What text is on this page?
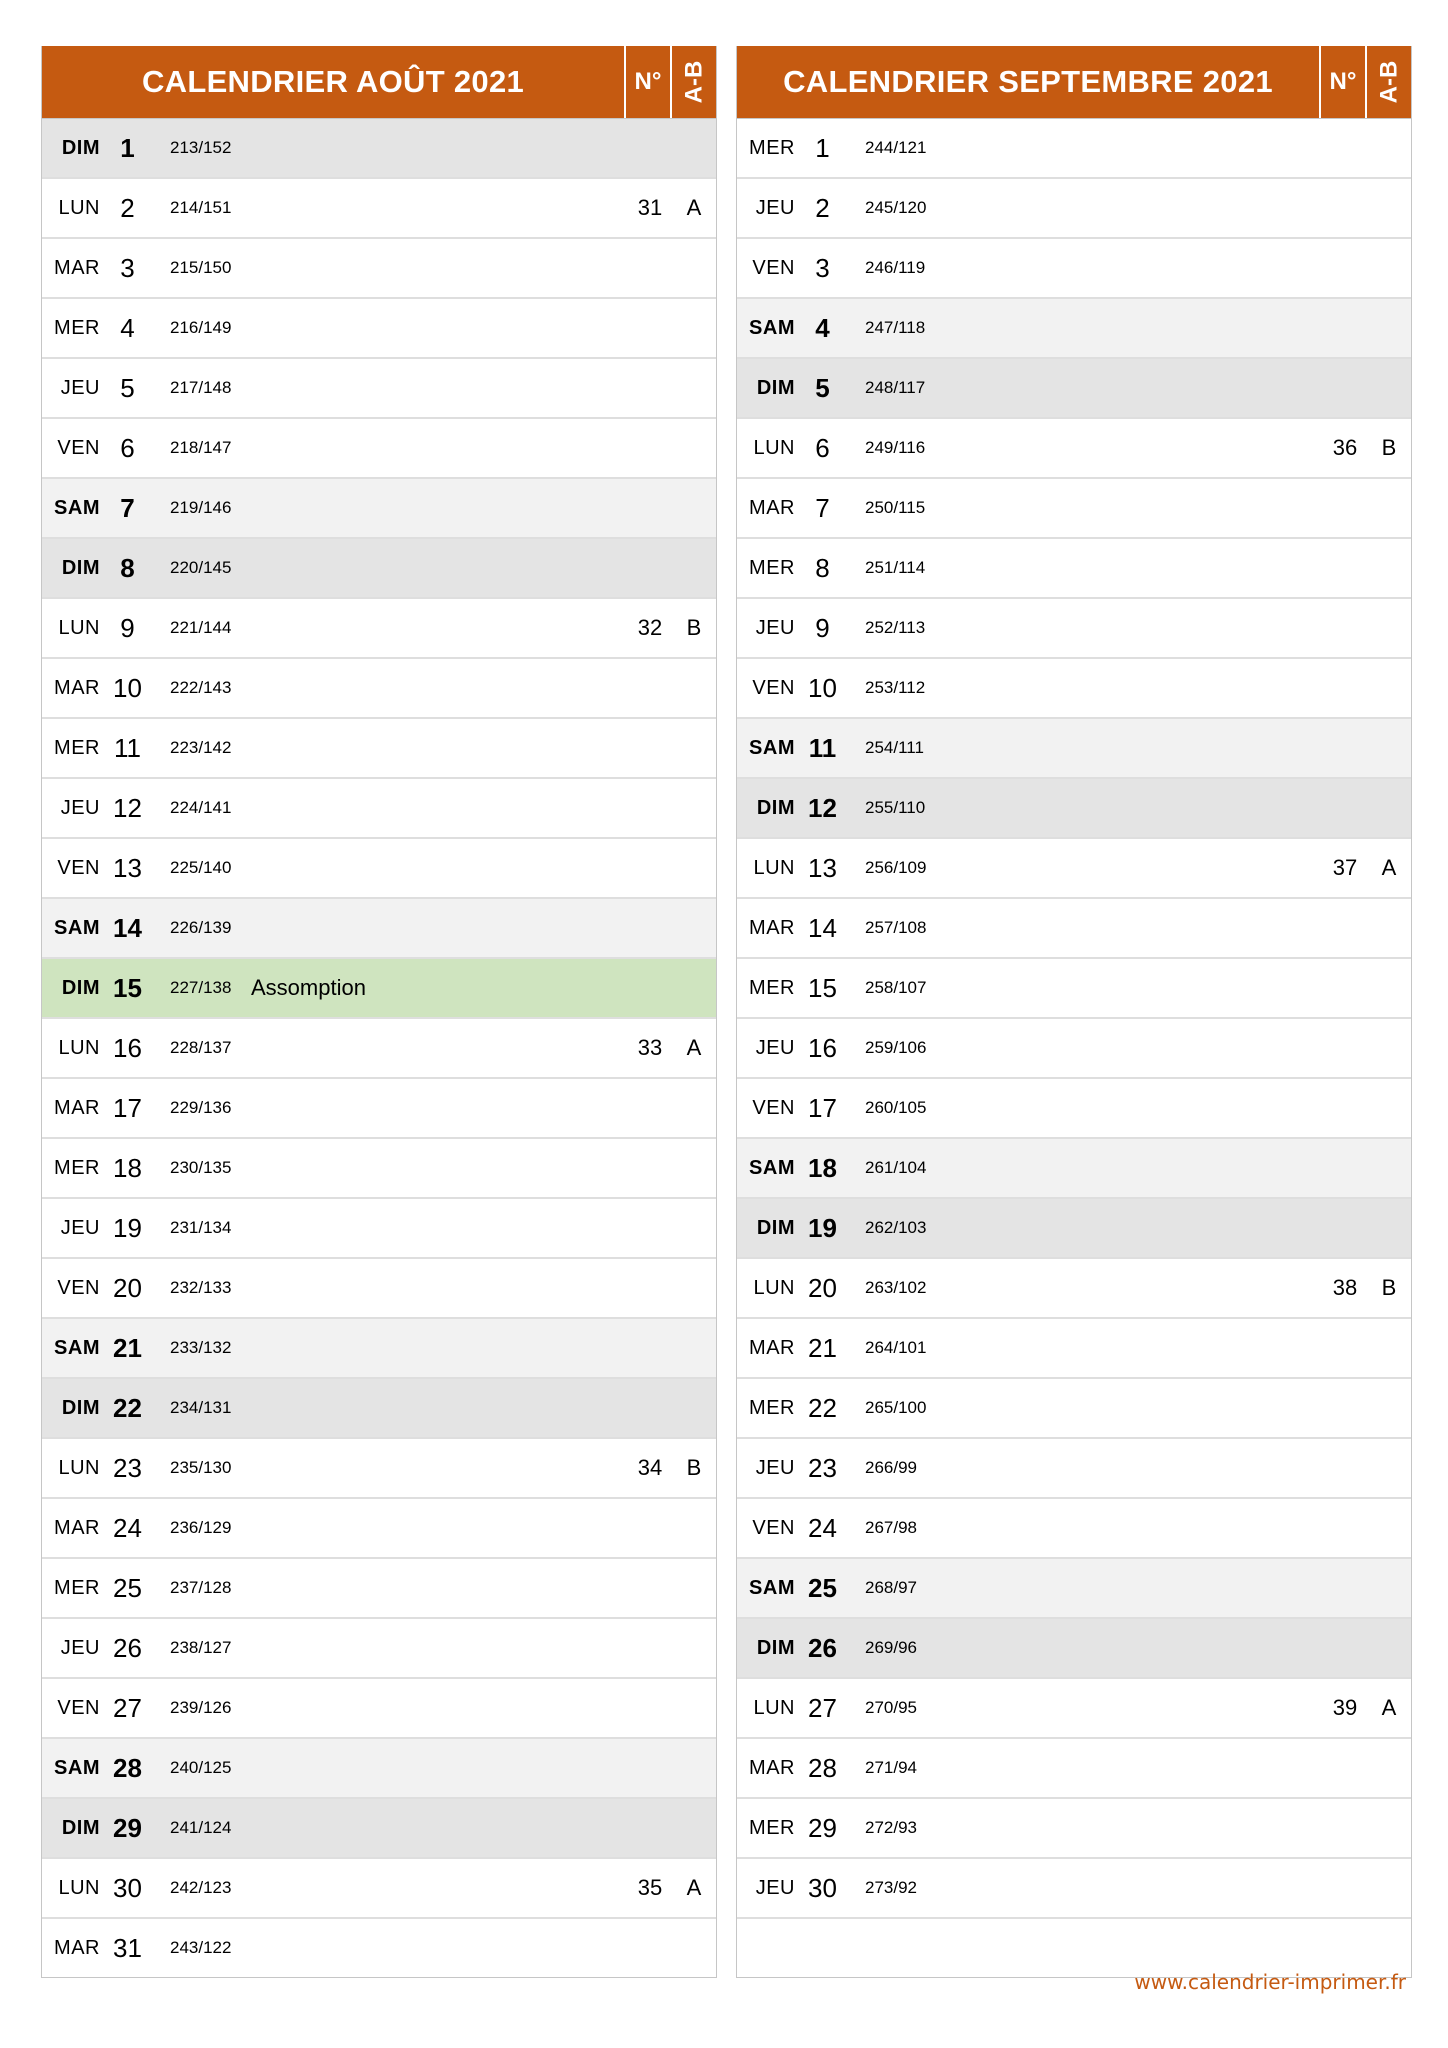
CALENDRIER AOÛT 2021	N° A-B
DIM 1	213/152
LUN 2	214/151	31	A
MAR 3	215/150
MER 4	216/149
JEU 5	217/148
VEN 6	218/147
SAM 7	219/146
DIM 8	220/145
LUN 9	221/144	32	B
MAR 10	222/143
MER 11	223/142
JEU 12	224/141
VEN 13	225/140
SAM 14	226/139
DIM 15	227/138 Assomption
LUN 16	228/137	33	A
MAR 17	229/136
MER 18	230/135
JEU 19	231/134
VEN 20	232/133
SAM 21	233/132
DIM 22	234/131
LUN 23	235/130	34	B
MAR 24	236/129
MER 25	237/128
JEU 26	238/127
VEN 27	239/126
SAM 28	240/125
DIM 29	241/124
LUN 30	242/123	35	A
MAR 31	243/122
CALENDRIER SEPTEMBRE 2021	N° A-B
MER 1	244/121
JEU 2	245/120
VEN 3	246/119
SAM 4	247/118
DIM 5	248/117
LUN 6	249/116	36	B
MAR 7	250/115
MER 8	251/114
JEU 9	252/113
VEN 10	253/112
SAM 11	254/111
DIM 12	255/110
LUN 13	256/109	37	A
MAR 14	257/108
MER 15	258/107
JEU 16	259/106
VEN 17	260/105
SAM 18	261/104
DIM 19	262/103
LUN 20	263/102	38	B
MAR 21	264/101
MER 22	265/100
JEU 23	266/99
VEN 24	267/98
SAM 25	268/97
DIM 26	269/96
LUN 27	270/95	39	A
MAR 28	271/94
MER 29	272/93
JEU 30	273/92
www.calendrier-imprimer.fr
